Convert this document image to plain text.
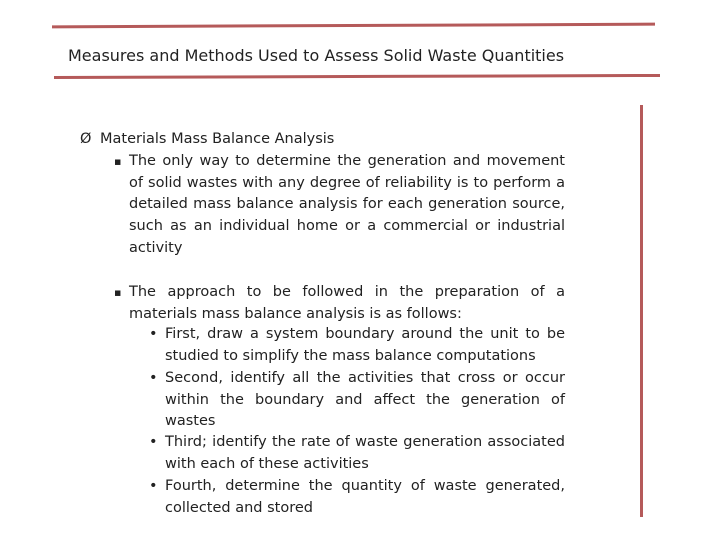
Measures and Methods Used to Assess Solid Waste Quantities
Ø Materials Mass Balance Analysis
▪ The only way to determine the generation and movement of solid wastes with any degree of reliability is to perform a detailed mass balance analysis for each generation source, such as an individual home or a commercial or industrial activity
▪ The approach to be followed in the preparation of a materials mass balance analysis is as follows:
• First, draw a system boundary around the unit to be studied to simplify the mass balance computations
• Second, identify all the activities that cross or occur within the boundary and affect the generation of wastes
• Third; identify the rate of waste generation associated with each of these activities
• Fourth, determine the quantity of waste generated, collected and stored
